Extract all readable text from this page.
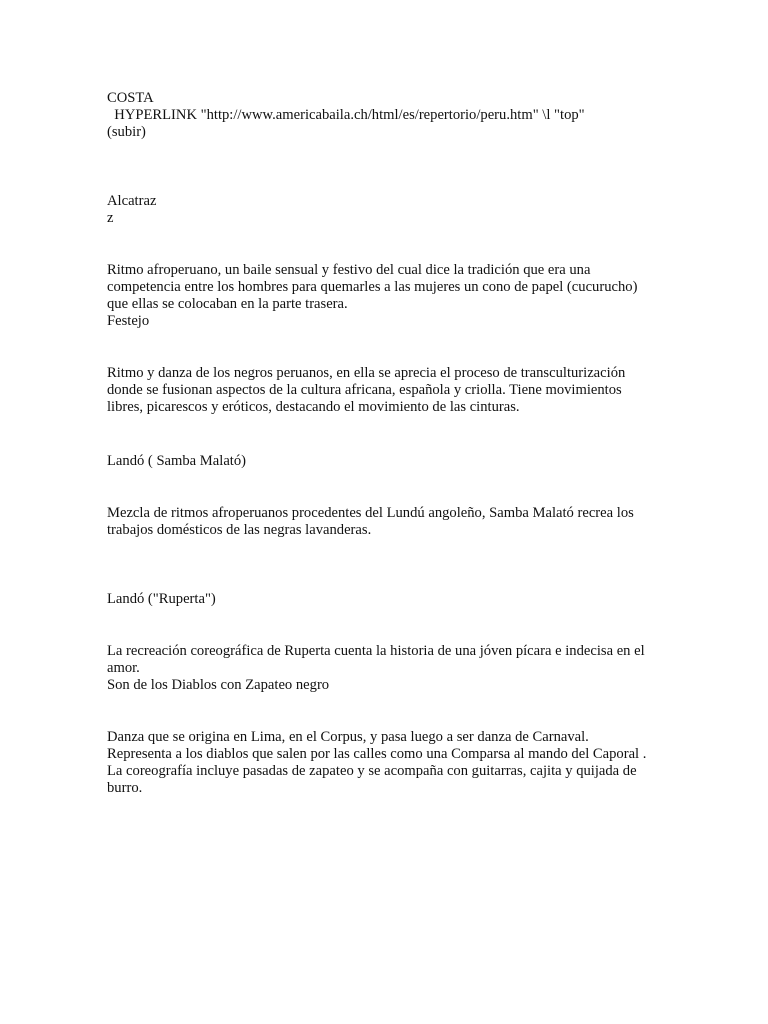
COSTA
HYPERLINK "http://www.americabaila.ch/html/es/repertorio/peru.htm" \l "top"
(subir)
Alcatraz
z
Ritmo afroperuano, un baile sensual y festivo del cual dice la tradición que era una
competencia entre los hombres para quemarles a las mujeres un cono de papel (cucurucho)
que ellas se colocaban en la parte trasera.
Festejo
Ritmo y danza de los negros peruanos, en ella se aprecia el proceso de transculturización
donde se fusionan aspectos de la cultura africana, española y criolla. Tiene movimientos
libres, picarescos y eróticos, destacando el movimiento de las cinturas.
Landó ( Samba Malató)
Mezcla de ritmos afroperuanos procedentes del Lundú angoleño, Samba Malató recrea los
trabajos domésticos de las negras lavanderas.
Landó ("Ruperta")
La recreación coreográfica de Ruperta cuenta la historia de una jóven pícara e indecisa en el
amor.
Son de los Diablos con Zapateo negro
Danza que se origina en Lima, en el Corpus, y pasa luego a ser danza de Carnaval.
Representa a los diablos que salen por las calles como una Comparsa al mando del Caporal .
La coreografía incluye pasadas de zapateo y se acompaña con guitarras, cajita y quijada de
burro.
